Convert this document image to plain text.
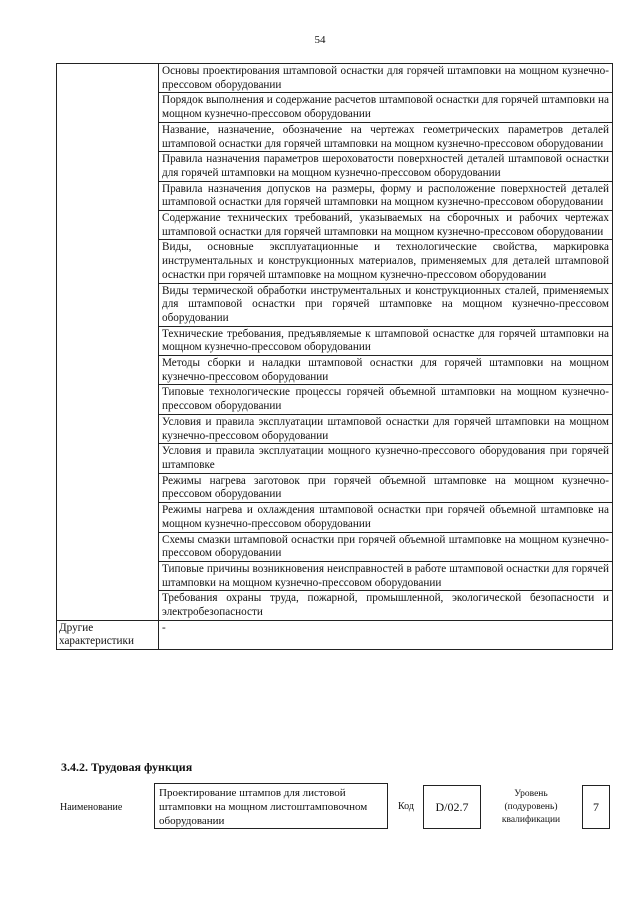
54
	Основы проектирования штамповой оснастки для горячей штамповки на мощном кузнечно-прессовом оборудовании
	Порядок выполнения и содержание расчетов штамповой оснастки для горячей штамповки на мощном кузнечно-прессовом оборудовании
	Название, назначение, обозначение на чертежах геометрических параметров деталей штамповой оснастки для горячей штамповки на мощном кузнечно-прессовом оборудовании
	Правила назначения параметров шероховатости поверхностей деталей штамповой оснастки для горячей штамповки на мощном кузнечно-прессовом оборудовании
	Правила назначения допусков на размеры, форму и расположение поверхностей деталей штамповой оснастки для горячей штамповки на мощном кузнечно-прессовом оборудовании
	Содержание технических требований, указываемых на сборочных и рабочих чертежах штамповой оснастки для горячей штамповки на мощном кузнечно-прессовом оборудовании
	Виды, основные эксплуатационные и технологические свойства, маркировка инструментальных и конструкционных материалов, применяемых для деталей штамповой оснастки при горячей штамповке на мощном кузнечно-прессовом оборудовании
	Виды термической обработки инструментальных и конструкционных сталей, применяемых для штамповой оснастки при горячей штамповке на мощном кузнечно-прессовом оборудовании
	Технические требования, предъявляемые к штамповой оснастке для горячей штамповки на мощном кузнечно-прессовом оборудовании
	Методы сборки и наладки штамповой оснастки для горячей штамповки на мощном кузнечно-прессовом оборудовании
	Типовые технологические процессы горячей объемной штамповки на мощном кузнечно-прессовом оборудовании
	Условия и правила эксплуатации штамповой оснастки для горячей штамповки на мощном кузнечно-прессовом оборудовании
	Условия и правила эксплуатации мощного кузнечно-прессового оборудования при горячей штамповке
	Режимы нагрева заготовок при горячей объемной штамповке на мощном кузнечно-прессовом оборудовании
	Режимы нагрева и охлаждения штамповой оснастки при горячей объемной штамповке на мощном кузнечно-прессовом оборудовании
	Схемы смазки штамповой оснастки при горячей объемной штамповке на мощном кузнечно-прессовом оборудовании
	Типовые причины возникновения неисправностей в работе штамповой оснастки для горячей штамповки на мощном кузнечно-прессовом оборудовании
	Требования охраны труда, пожарной, промышленной, экологической безопасности и электробезопасности
Другие характеристики	-
3.4.2. Трудовая функция
Наименование
Проектирование штампов для листовой штамповки на мощном листоштамповочном оборудовании
Код	D/02.7
Уровень (подуровень) квалификации
7
